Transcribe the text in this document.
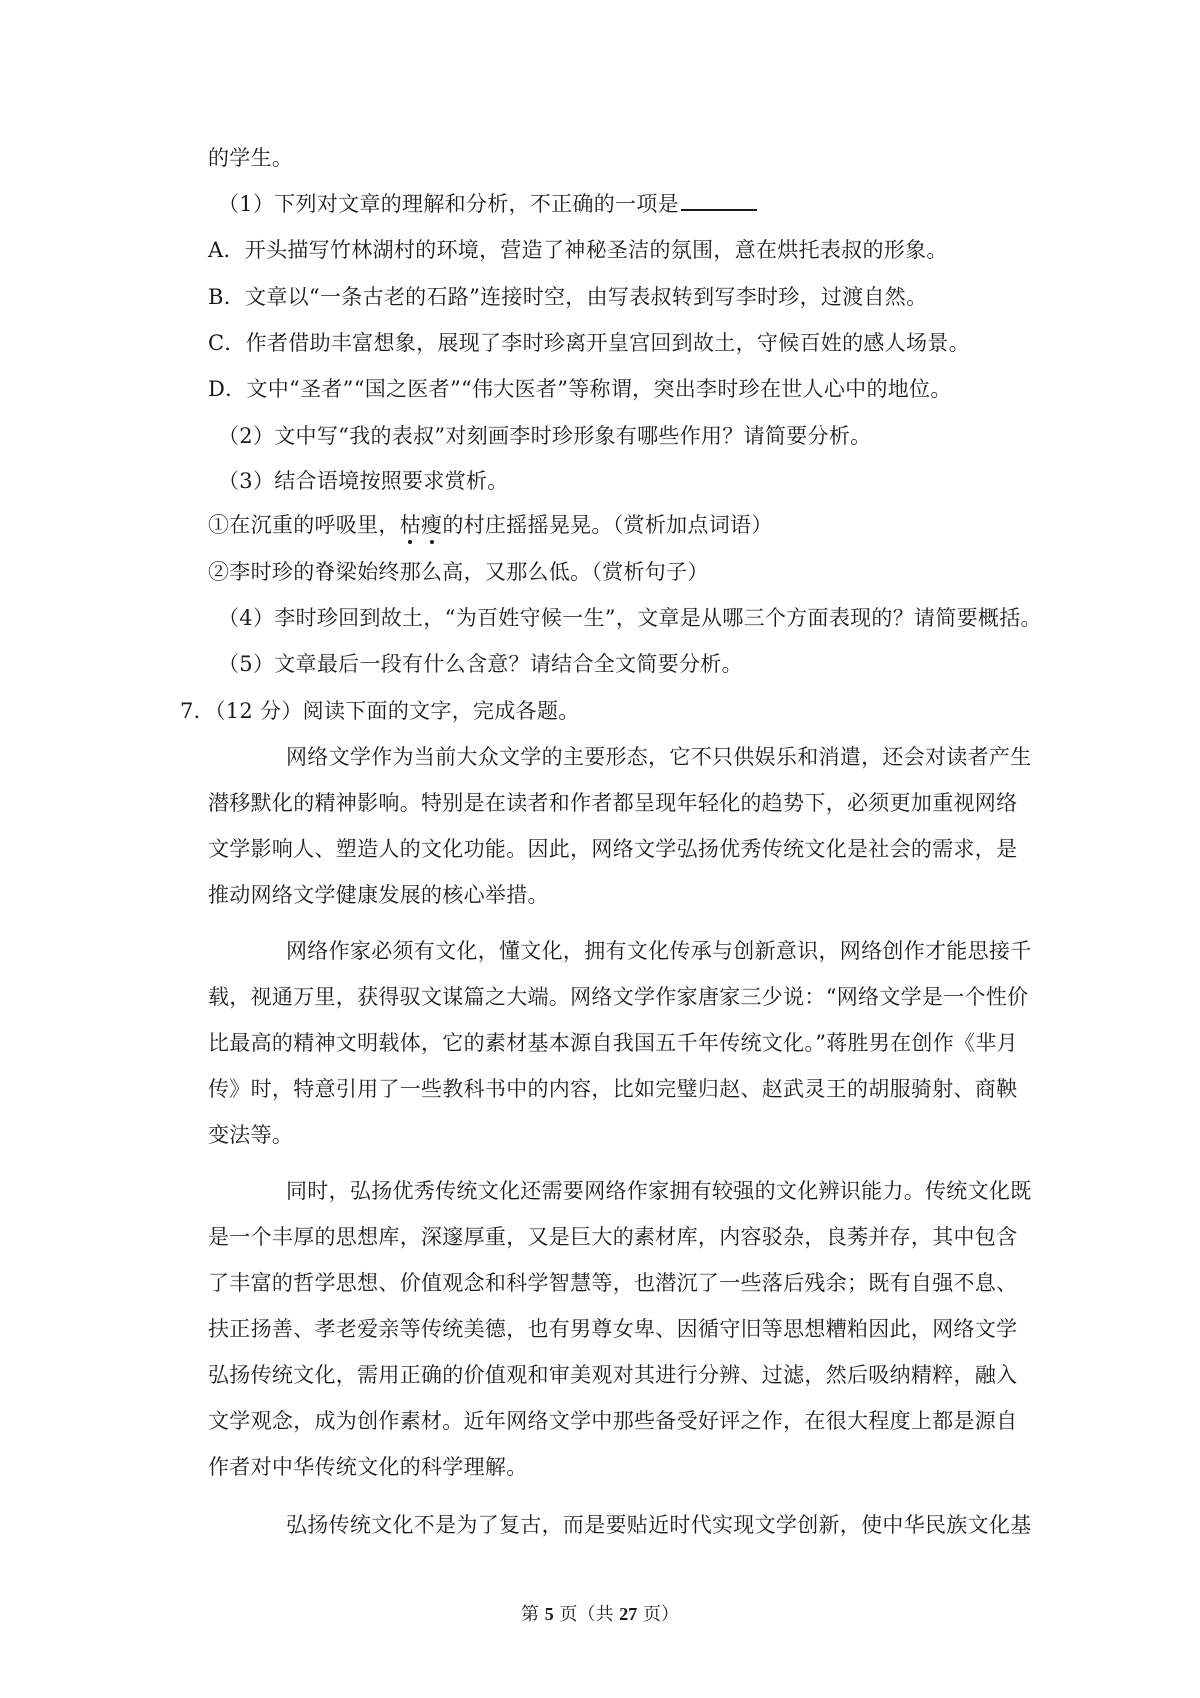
的学生。
（1）下列对文章的理解和分析，不正确的一项是
A．开头描写竹林湖村的环境，营造了神秘圣洁的氛围，意在烘托表叔的形象。
B．文章以“一条古老的石路”连接时空，由写表叔转到写李时珍，过渡自然。
C．作者借助丰富想象，展现了李时珍离开皇宫回到故土，守候百姓的感人场景。
D．文中“圣者”“国之医者”“伟大医者”等称谓，突出李时珍在世人心中的地位。
（2）文中写“我的表叔”对刻画李时珍形象有哪些作用？请简要分析。
（3）结合语境按照要求赏析。
①在沉重的呼吸里，枯瘦的村庄摇摇晃晃。（赏析加点词语）
②李时珍的脊梁始终那么高，又那么低。（赏析句子）
（4）李时珍回到故土，“为百姓守候一生”，文章是从哪三个方面表现的？请简要概括。
（5）文章最后一段有什么含意？请结合全文简要分析。
7．（12 分）阅读下面的文字，完成各题。
网络文学作为当前大众文学的主要形态，它不只供娱乐和消遣，还会对读者产生
潜移默化的精神影响。特别是在读者和作者都呈现年轻化的趋势下，必须更加重视网络
文学影响人、塑造人的文化功能。因此，网络文学弘扬优秀传统文化是社会的需求，是
推动网络文学健康发展的核心举措。
网络作家必须有文化，懂文化，拥有文化传承与创新意识，网络创作才能思接千
载，视通万里，获得驭文谋篇之大端。网络文学作家唐家三少说：“网络文学是一个性价
比最高的精神文明载体，它的素材基本源自我国五千年传统文化。”蒋胜男在创作《芈月
传》时，特意引用了一些教科书中的内容，比如完璧归赵、赵武灵王的胡服骑射、商鞅
变法等。
同时，弘扬优秀传统文化还需要网络作家拥有较强的文化辨识能力。传统文化既
是一个丰厚的思想库，深邃厚重，又是巨大的素材库，内容驳杂，良莠并存，其中包含
了丰富的哲学思想、价值观念和科学智慧等，也潜沉了一些落后残余；既有自强不息、
扶正扬善、孝老爱亲等传统美德，也有男尊女卑、因循守旧等思想糟粕因此，网络文学
弘扬传统文化，需用正确的价值观和审美观对其进行分辨、过滤，然后吸纳精粹，融入
文学观念，成为创作素材。近年网络文学中那些备受好评之作，在很大程度上都是源自
作者对中华传统文化的科学理解。
弘扬传统文化不是为了复古，而是要贴近时代实现文学创新，使中华民族文化基
第 5 页（共 27 页）
